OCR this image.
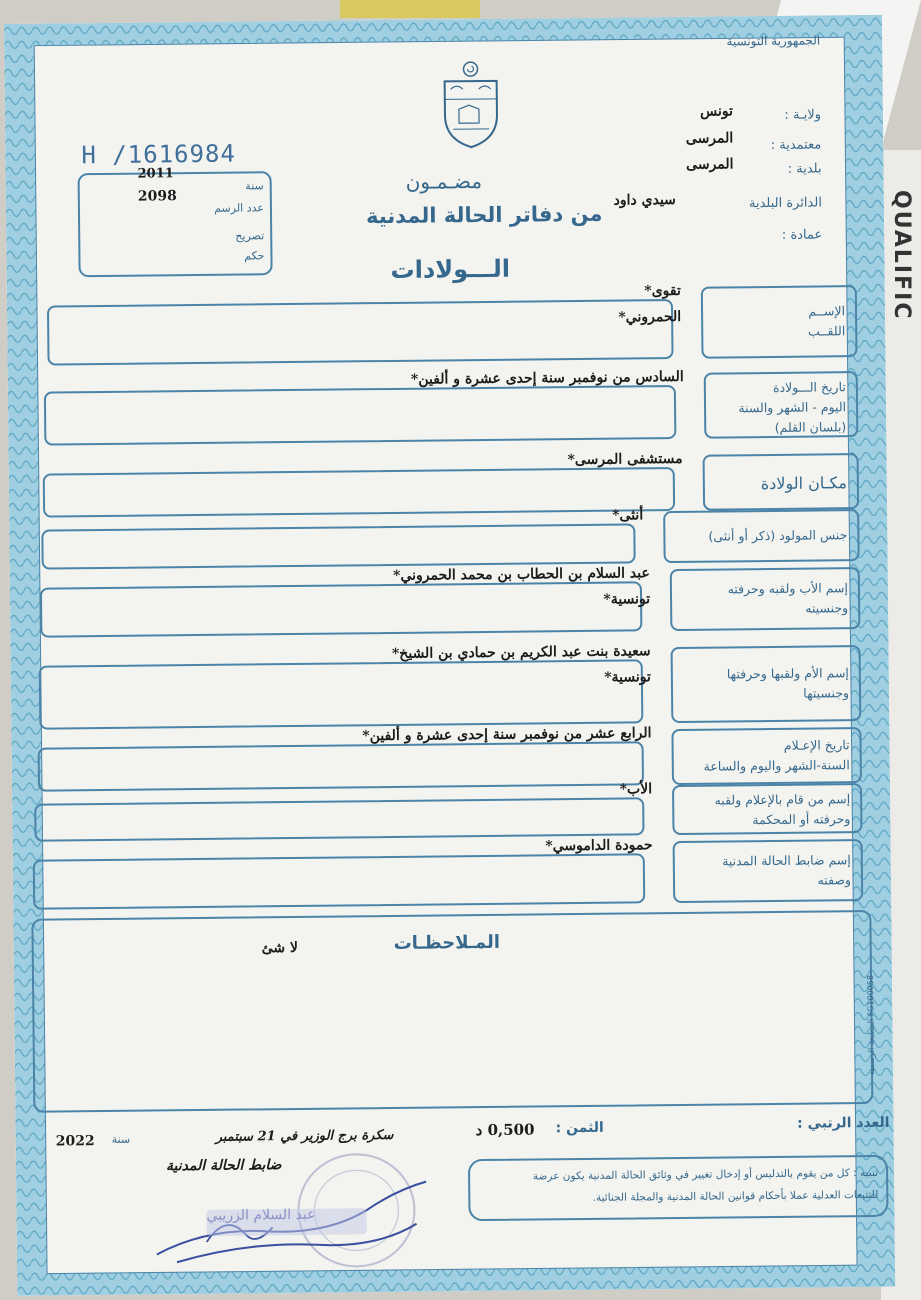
QUALIFIC
الجمهورية التونسية
ولايـة :
تونس
معتمدية :
المرسى
بلدية :
المرسى
الدائرة البلدية
سيدي داود
عمادة :
مضـمـون
من دفاتر الحالة المدنية
الـــولادات
H /1616984
سنة
2011
عدد الرسم
2098
تصريح
حكم
الإســم
اللقــب
تقوى*
الحمروني*
تاريخ الـــولادة
اليوم - الشهر والسنة
(بلسان القلم)
السادس من نوفمبر سنة إحدى عشرة و ألفين*
مكـان الولادة
مستشفى المرسى*
جنس المولود (ذكر أو أنثى)
أنثى*
إسم الأب ولقبه وحرفته
وجنسيته
عبد السلام بن الحطاب بن محمد الحمروني*
تونسية*
إسم الأم ولقبها وحرفتها
وجنسيتها
سعيدة بنت عبد الكريم بن حمادي بن الشيخ*
تونسية*
تاريخ الإعـلام
السنة-الشهر واليوم والساعة
الرابع عشر من نوفمبر سنة إحدى عشرة و ألفين*
إسم من قام بالإعلام ولقبه
وحرفته أو المحكمة
الأب*
إسم ضابط الحالة المدنية
وصفته
حمودة الداموسي*
المـلاحظـات
لا شئ
المطبعة الرسمية FG100058
العدد الرتبي :
الثمن :
0,500 د
سكرة برج الوزير في 21 سبتمبر
سنة
2022
ضابط الحالة المدنية
عبد السلام الزريبي
تنبيه : كل من يقوم بالتدليس أو إدخال تغيير في وثائق الحالة المدنية يكون عرضة
للتتبعات العدلية عملا بأحكام قوانين الحالة المدنية والمجلة الجنائية.
